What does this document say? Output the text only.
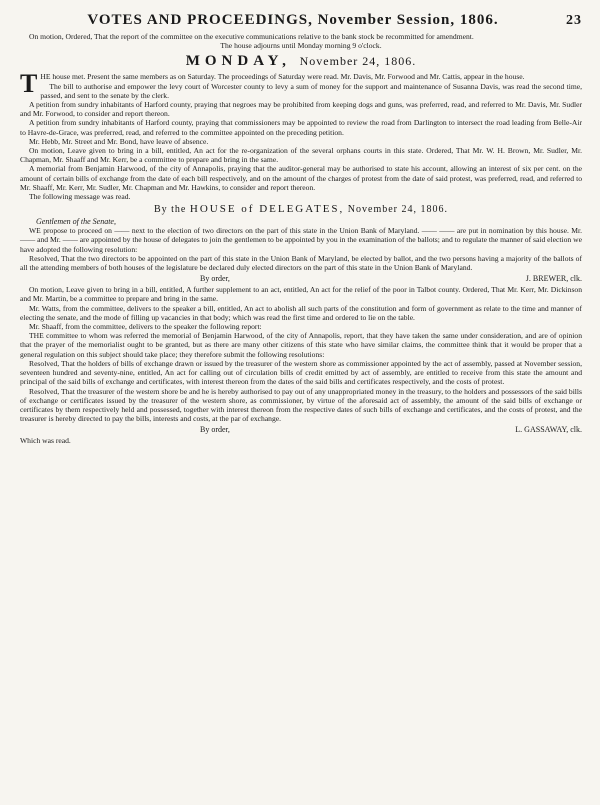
VOTES AND PROCEEDINGS, November Session, 1806.	23

On motion, Ordered, That the report of the committee on the executive communications relative to the bank stock be recommitted for amendment.

The house adjourns until Monday morning 9 o'clock.

MONDAY, November 24, 1806.

THE house met. Present the same members as on Saturday. The proceedings of Saturday were read. Mr. Davis, Mr. Forwood and Mr. Cattis, appear in the house.

The bill to authorise and empower the levy court of Worcester county to levy a sum of money for the support and maintenance of Susanna Davis, was read the second time, passed, and sent to the senate by the clerk.

A petition from sundry inhabitants of Harford county, praying that negroes may be prohibited from keeping dogs and guns, was preferred, read, and referred to Mr. Davis, Mr. Sudler and Mr. Forwood, to consider and report thereon.

A petition from sundry inhabitants of Harford county, praying that commissioners may be appointed to review the road from Darlington to intersect the road leading from Belle-Air to Havre-de-Grace, was preferred, read, and referred to the committee appointed on the preceding petition.

Mr. Hebb, Mr. Street and Mr. Bond, have leave of absence.

On motion, Leave given to bring in a bill, entitled, An act for the re-organization of the several orphans courts in this state. Ordered, That Mr. W. H. Brown, Mr. Sudler, Mr. Chapman, Mr. Shaaff and Mr. Kerr, be a committee to prepare and bring in the same.

A memorial from Benjamin Harwood, of the city of Annapolis, praying that the auditor-general may be authorised to state his account, allowing an interest of six per cent. on the amount of certain bills of exchange from the date of each bill respectively, and on the amount of the charges of protest from the date of said protest, was preferred, read, and referred to Mr. Shaaff, Mr. Kerr, Mr. Sudler, Mr. Chapman and Mr. Hawkins, to consider and report thereon.

The following message was read.

By the HOUSE of DELEGATES, November 24, 1806.
Gentlemen of the Senate,

WE propose to proceed on —— next to the election of two directors on the part of this state in the Union Bank of Maryland. —— —— are put in nomination by this house. Mr. —— and Mr. —— are appointed by the house of delegates to join the gentlemen to be appointed by you in the examination of the ballots; and to regulate the manner of said election we have adopted the following resolution:

Resolved, That the two directors to be appointed on the part of this state in the Union Bank of Maryland, be elected by ballot, and the two persons having a majority of the ballots of all the attending members of both houses of the legislature be declared duly elected directors on the part of this state in the Union Bank of Maryland.

By order,	J. BREWER, clk.

On motion, Leave given to bring in a bill, entitled, A further supplement to an act, entitled, An act for the relief of the poor in Talbot county. Ordered, That Mr. Kerr, Mr. Dickinson and Mr. Martin, be a committee to prepare and bring in the same.

Mr. Watts, from the committee, delivers to the speaker a bill, entitled, An act to abolish all such parts of the constitution and form of government as relate to the time and manner of electing the senate, and the mode of filling up vacancies in that body; which was read the first time and ordered to lie on the table.

Mr. Shaaff, from the committee, delivers to the speaker the following report:

THE committee to whom was referred the memorial of Benjamin Harwood, of the city of Annapolis, report, that they have taken the same under consideration, and are of opinion that the prayer of the memorialist ought to be granted, but as there are many other citizens of this state who have similar claims, the committee think that it would be proper that a general regulation on this subject should take place; they therefore submit the following resolutions:

Resolved, That the holders of bills of exchange drawn or issued by the treasurer of the western shore as commissioner appointed by the act of assembly, passed at November session, seventeen hundred and seventy-nine, entitled, An act for calling out of circulation bills of credit emitted by act of assembly, are entitled to receive from this state the amount and principal of the said bills of exchange and certificates, with interest thereon from the dates of the said bills and certificates respectively, and the costs of protest.

Resolved, That the treasurer of the western shore be and he is hereby authorised to pay out of any unappropriated money in the treasury, to the holders and possessors of the said bills of exchange or certificates issued by the treasurer of the western shore, as commissioner, by virtue of the aforesaid act of assembly, the amount of the said bills of exchange or certificates by them respectively held and possessed, together with interest thereon from the respective dates of such bills of exchange and certificates, and the costs of protest, and the treasurer is hereby directed to pay the bills, interests and costs, at the par of exchange.

By order,	L. GASSAWAY, clk.

Which was read.
